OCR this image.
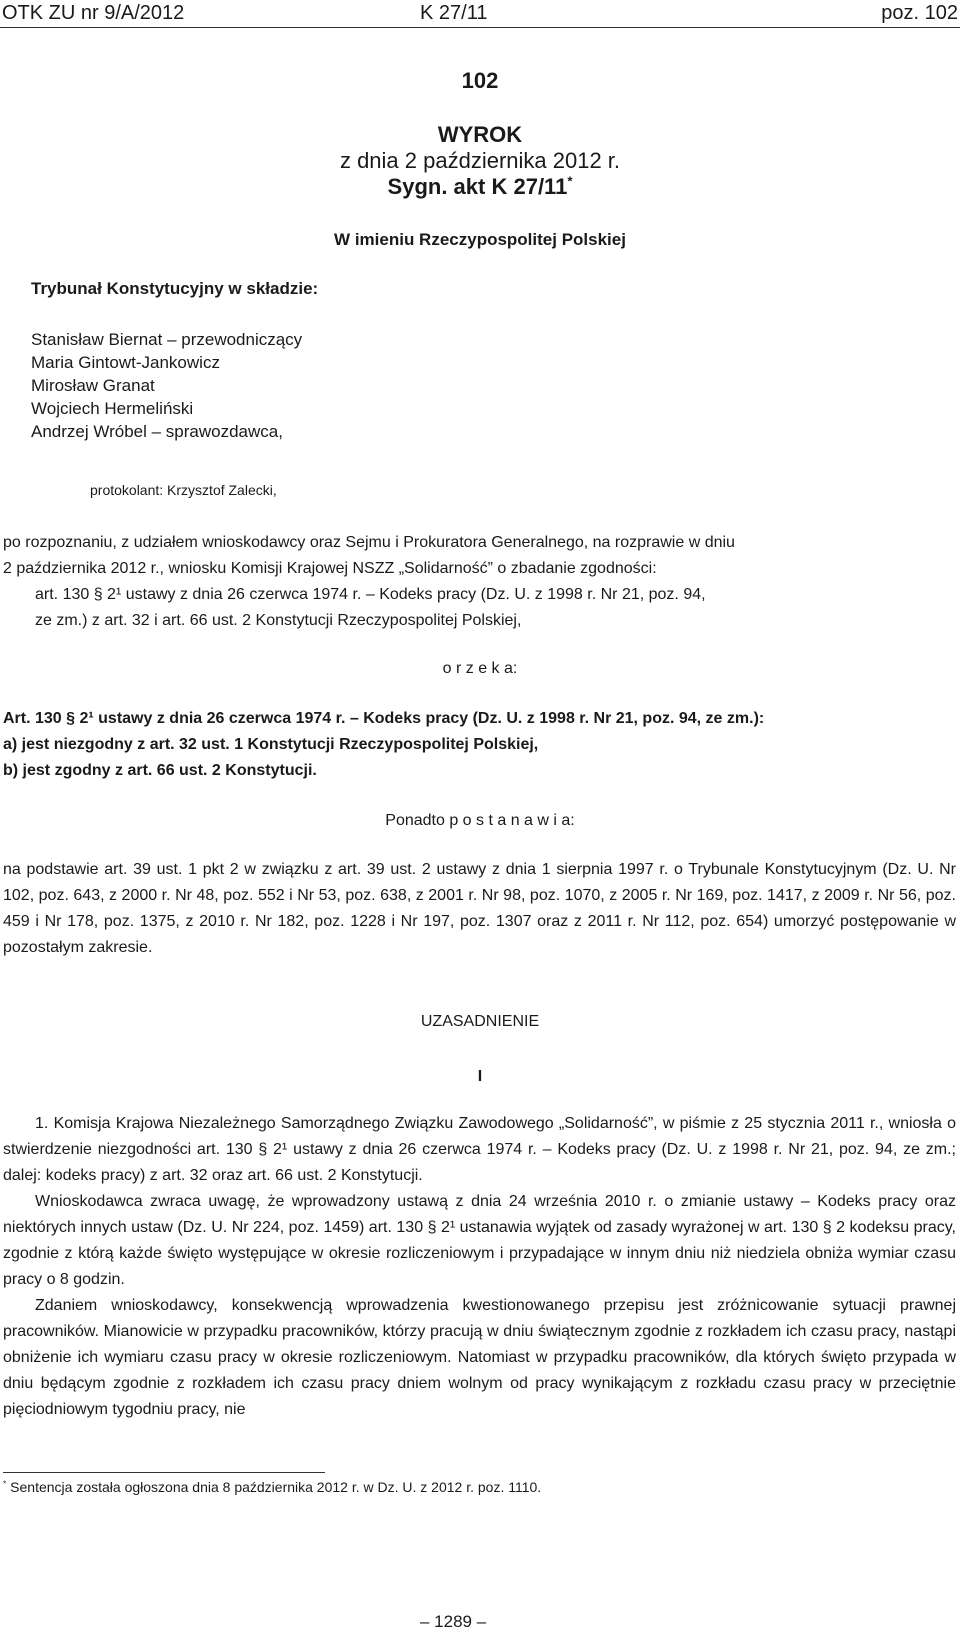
OTK ZU nr 9/A/2012	K 27/11	poz. 102
102
WYROK
z dnia 2 października 2012 r.
Sygn. akt K 27/11*
W imieniu Rzeczypospolitej Polskiej
Trybunał Konstytucyjny w składzie:
Stanisław Biernat – przewodniczący
Maria Gintowt-Jankowicz
Mirosław Granat
Wojciech Hermeliński
Andrzej Wróbel – sprawozdawca,
protokolant: Krzysztof Zalecki,
po rozpoznaniu, z udziałem wnioskodawcy oraz Sejmu i Prokuratora Generalnego, na rozprawie w dniu
2 października 2012 r., wniosku Komisji Krajowej NSZZ „Solidarność” o zbadanie zgodności:
art. 130 § 2¹ ustawy z dnia 26 czerwca 1974 r. – Kodeks pracy (Dz. U. z 1998 r. Nr 21, poz. 94,
ze zm.) z art. 32 i art. 66 ust. 2 Konstytucji Rzeczypospolitej Polskiej,
o r z e k a:
Art. 130 § 2¹ ustawy z dnia 26 czerwca 1974 r. – Kodeks pracy (Dz. U. z 1998 r. Nr 21, poz. 94, ze zm.):
a) jest niezgodny z art. 32 ust. 1 Konstytucji Rzeczypospolitej Polskiej,
b) jest zgodny z art. 66 ust. 2 Konstytucji.
Ponadto p o s t a n a w i a:

na podstawie art. 39 ust. 1 pkt 2 w związku z art. 39 ust. 2 ustawy z dnia 1 sierpnia 1997 r. o Trybunale Konstytucyjnym (Dz. U. Nr 102, poz. 643, z 2000 r. Nr 48, poz. 552 i Nr 53, poz. 638, z 2001 r. Nr 98, poz. 1070, z 2005 r. Nr 169, poz. 1417, z 2009 r. Nr 56, poz. 459 i Nr 178, poz. 1375, z 2010 r. Nr 182, poz. 1228 i Nr 197, poz. 1307 oraz z 2011 r. Nr 112, poz. 654) umorzyć postępowanie w pozostałym zakresie.

UZASADNIENIE
I

1. Komisja Krajowa Niezależnego Samorządnego Związku Zawodowego „Solidarność”, w piśmie z 25 stycznia 2011 r., wniosła o stwierdzenie niezgodności art. 130 § 2¹ ustawy z dnia 26 czerwca 1974 r. – Kodeks pracy (Dz. U. z 1998 r. Nr 21, poz. 94, ze zm.; dalej: kodeks pracy) z art. 32 oraz art. 66 ust. 2 Konstytucji.

Wnioskodawca zwraca uwagę, że wprowadzony ustawą z dnia 24 września 2010 r. o zmianie ustawy – Kodeks pracy oraz niektórych innych ustaw (Dz. U. Nr 224, poz. 1459) art. 130 § 2¹ ustanawia wyjątek od zasady wyrażonej w art. 130 § 2 kodeksu pracy, zgodnie z którą każde święto występujące w okresie rozliczeniowym i przypadające w innym dniu niż niedziela obniża wymiar czasu pracy o 8 godzin.

Zdaniem wnioskodawcy, konsekwencją wprowadzenia kwestionowanego przepisu jest zróżnicowanie sytuacji prawnej pracowników. Mianowicie w przypadku pracowników, którzy pracują w dniu świątecznym zgodnie z rozkładem ich czasu pracy, nastąpi obniżenie ich wymiaru czasu pracy w okresie rozliczeniowym. Natomiast w przypadku pracowników, dla których święto przypada w dniu będącym zgodnie z rozkładem ich czasu pracy dniem wolnym od pracy wynikającym z rozkładu czasu pracy w przeciętnie pięciodniowym tygodniu pracy, nie

* Sentencja została ogłoszona dnia 8 października 2012 r. w Dz. U. z 2012 r. poz. 1110.
– 1289 –
